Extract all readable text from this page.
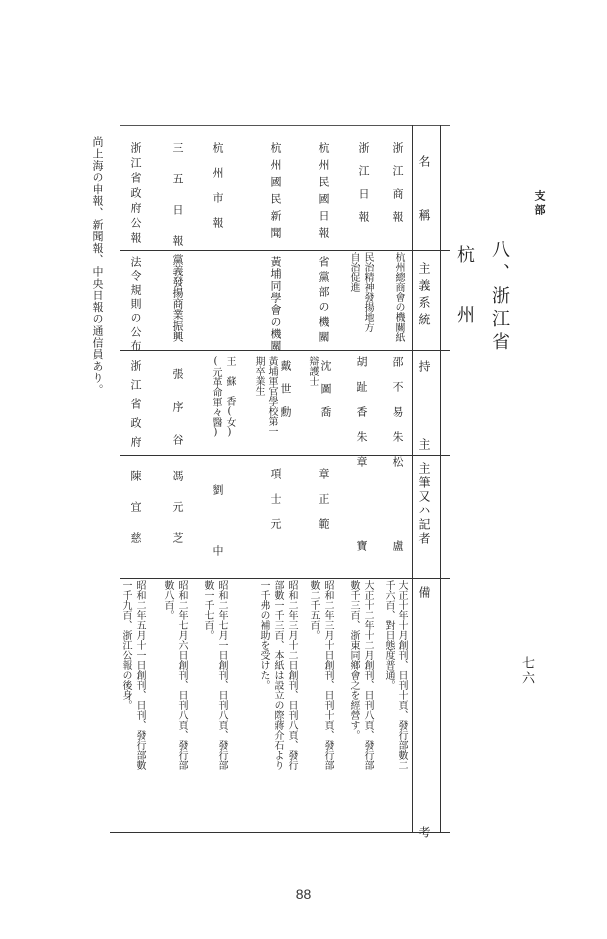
支部
七六
八、浙江省
杭　州
名　　稱
主義系統
持　　主
主筆又ハ記者
備　　　　考
浙江商報
杭州總商會の機關紙
邵不易朱松
盧
大正十年十月創刊、日刊十頁、發行部數二
千六百、對日態度普通。
浙江日報
民治精神發揚地方
自治促進
胡趾香朱章
寶
大正十二年十二月創刊、日刊八頁、發行部
數千三百、浙東同鄉會之を經營す。
杭州民國日報
省黨部の機關
沈　圖　喬
辯護士
章正範
昭和二年三月十日創刊、日刊十頁、發行部
數二千五百。
杭州國民新聞
黃埔同學會の機關
戴　世　勳
黃埔軍官學校第一
期卒業生
項士元
昭和二年三月十二日創刊、日刊八頁、發行
部數一千三百、本紙は設立の際蔣介石より
一千弗の補助を受けた。
杭州市報
王　蘇　香(女)
(元革命軍々醫)
劉中
昭和二年七月一日創刊、日刊八頁、發行部
數一千七百。
三五日報
黨義發揚商業振興
張序谷
馮元芝
昭和二年七月六日創刊、日刊八頁、發行部
數八百。
浙江省政府公報
法令規則の公布
浙江省政府
陳宜慈
昭和二年五月十一日創刊、日刊、發行部數
一千九百、浙江公報の後身。
尚上海の申報、新聞報、中央日報の通信員あり。
88
